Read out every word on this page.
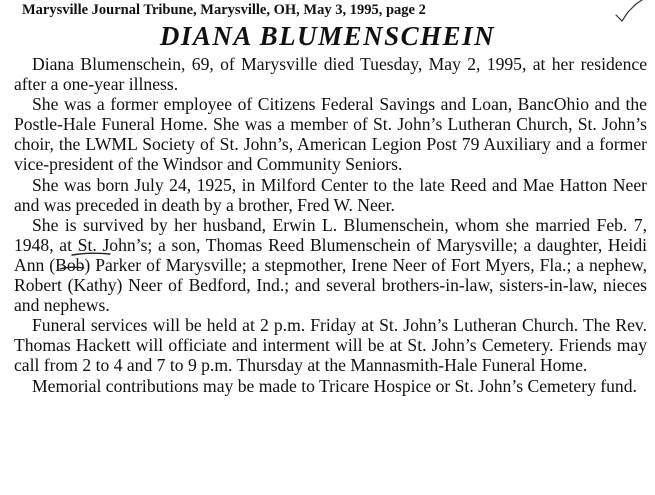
Marysville Journal Tribune, Marysville, OH, May 3, 1995, page 2
DIANA BLUMENSCHEIN

Diana Blumenschein, 69, of Marysville died Tuesday, May 2, 1995, at her residence after a one-year illness.

She was a former employee of Citizens Federal Savings and Loan, BancOhio and the Postle-Hale Funeral Home. She was a member of St. John’s Lutheran Church, St. John’s choir, the LWML Society of St. John’s, American Legion Post 79 Auxiliary and a former vice-president of the Windsor and Community Seniors.

She was born July 24, 1925, in Milford Center to the late Reed and Mae Hatton Neer and was preceded in death by a brother, Fred W. Neer.

She is survived by her husband, Erwin L. Blumenschein, whom she married Feb. 7, 1948, at St. John’s; a son, Thomas Reed Blumenschein of Marysville; a daughter, Heidi Ann (Bob) Parker of Marysville; a stepmother, Irene Neer of Fort Myers, Fla.; a nephew, Robert (Kathy) Neer of Bedford, Ind.; and several brothers-in-law, sisters-in-law, nieces and nephews.

Funeral services will be held at 2 p.m. Friday at St. John’s Lutheran Church. The Rev. Thomas Hackett will officiate and interment will be at St. John’s Cemetery. Friends may call from 2 to 4 and 7 to 9 p.m. Thursday at the Mannasmith-Hale Funeral Home.

Memorial contributions may be made to Tricare Hospice or St. John’s Cemetery fund.
